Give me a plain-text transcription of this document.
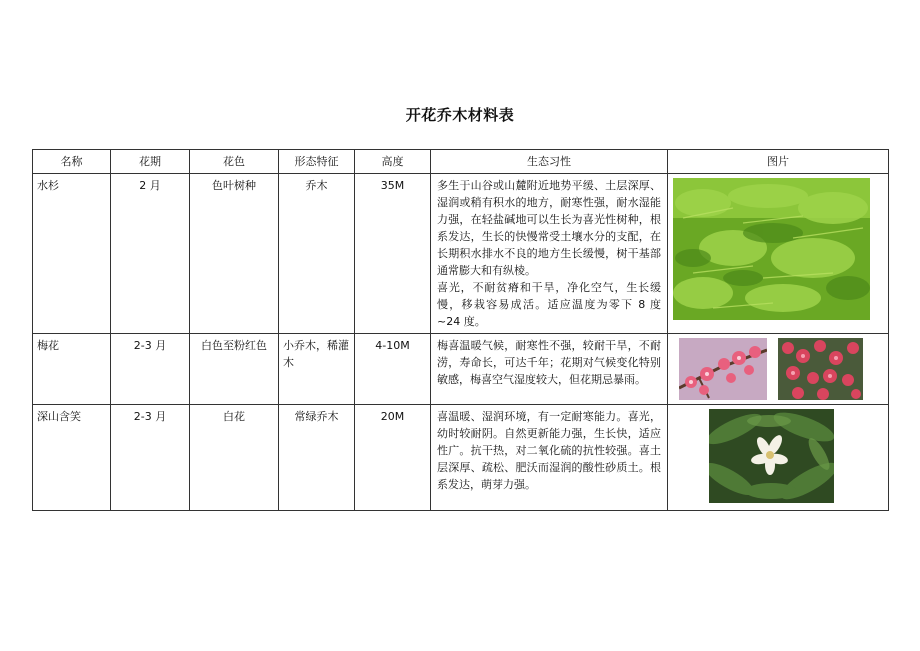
开花乔木材料表
名称	花期	花色	形态特征	高度	生态习性	图片
水杉	2 月	色叶树种	乔木	35M	多生于山谷或山麓附近地势平缓、土层深厚、湿润或稍有积水的地方，耐寒性强，耐水湿能力强，在轻盐碱地可以生长为喜光性树种，根系发达，生长的快慢常受土壤水分的支配，在长期积水排水不良的地方生长缓慢，树干基部通常膨大和有纵棱。
喜光，不耐贫瘠和干旱，净化空气，生长缓慢，移栽容易成活。适应温度为零下 8 度~24 度。

梅花	2-3 月	白色至粉红色	小乔木，稀灌木	4-10M	梅喜温暖气候，耐寒性不强，较耐干旱，不耐涝，寿命长，可达千年；花期对气候变化特别敏感，梅喜空气湿度较大，但花期忌暴雨。

深山含笑	2-3 月	白花	常绿乔木	20M	喜温暖、湿润环境，有一定耐寒能力。喜光，幼时较耐阴。自然更新能力强，生长快，适应性广。抗干热，对二氧化硫的抗性较强。喜土层深厚、疏松、肥沃而湿润的酸性砂质土。根系发达，萌芽力强。
